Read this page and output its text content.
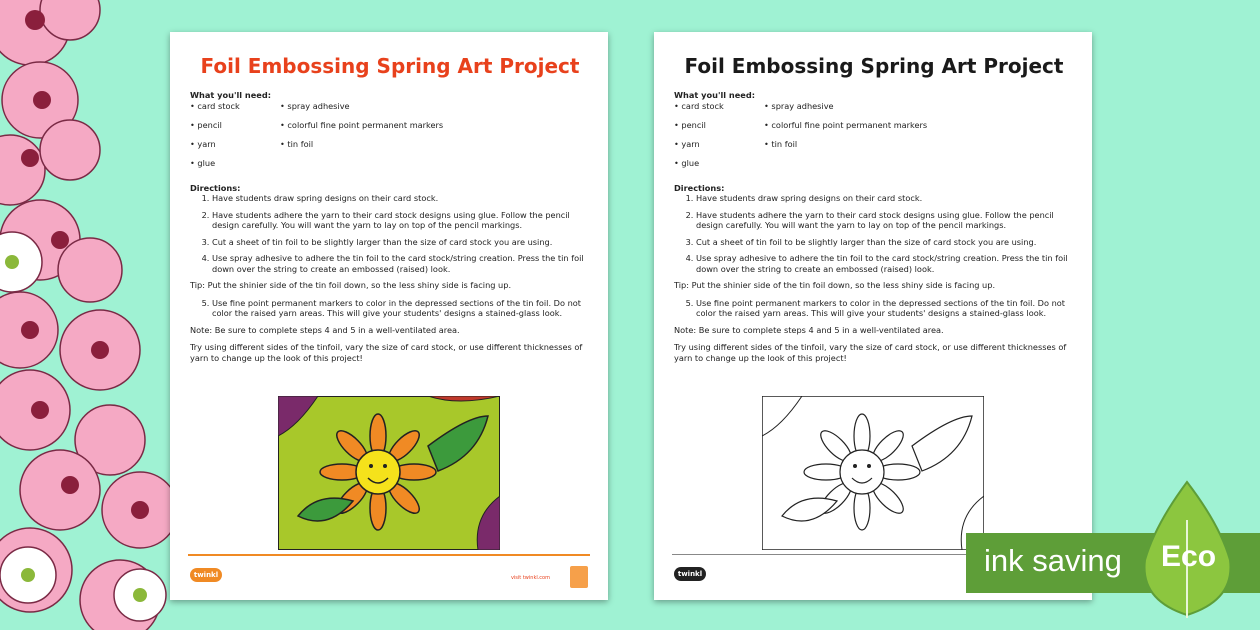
Foil Embossing Spring Art Project
What you'll need:
• card stock
• pencil
• yarn
• glue
• spray adhesive
• colorful fine point permanent markers
• tin foil
Directions:
1. Have students draw spring designs on their card stock.
2. Have students adhere the yarn to their card stock designs using glue. Follow the pencil design carefully. You will want the yarn to lay on top of the pencil markings.
3. Cut a sheet of tin foil to be slightly larger than the size of card stock you are using.
4. Use spray adhesive to adhere the tin foil to the card stock/string creation. Press the tin foil down over the string to create an embossed (raised) look.

Tip: Put the shinier side of the tin foil down, so the less shiny side is facing up.

5. Use fine point permanent markers to color in the depressed sections of the tin foil. Do not color the raised yarn areas. This will give your students' designs a stained-glass look.

Note: Be sure to complete steps 4 and 5 in a well-ventilated area.

Try using different sides of the tinfoil, vary the size of card stock, or use different thicknesses of yarn to change up the look of this project!

twinkl	visit twinkl.com
Foil Embossing Spring Art Project
What you'll need:
• card stock
• pencil
• yarn
• glue
• spray adhesive
• colorful fine point permanent markers
• tin foil
Directions:
1. Have students draw spring designs on their card stock.
2. Have students adhere the yarn to their card stock designs using glue. Follow the pencil design carefully. You will want the yarn to lay on top of the pencil markings.
3. Cut a sheet of tin foil to be slightly larger than the size of card stock you are using.
4. Use spray adhesive to adhere the tin foil to the card stock/string creation. Press the tin foil down over the string to create an embossed (raised) look.

Tip: Put the shinier side of the tin foil down, so the less shiny side is facing up.

5. Use fine point permanent markers to color in the depressed sections of the tin foil. Do not color the raised yarn areas. This will give your students' designs a stained-glass look.

Note: Be sure to complete steps 4 and 5 in a well-ventilated area.

Try using different sides of the tinfoil, vary the size of card stock, or use different thicknesses of yarn to change up the look of this project!

twinkl	ink saving Eco
